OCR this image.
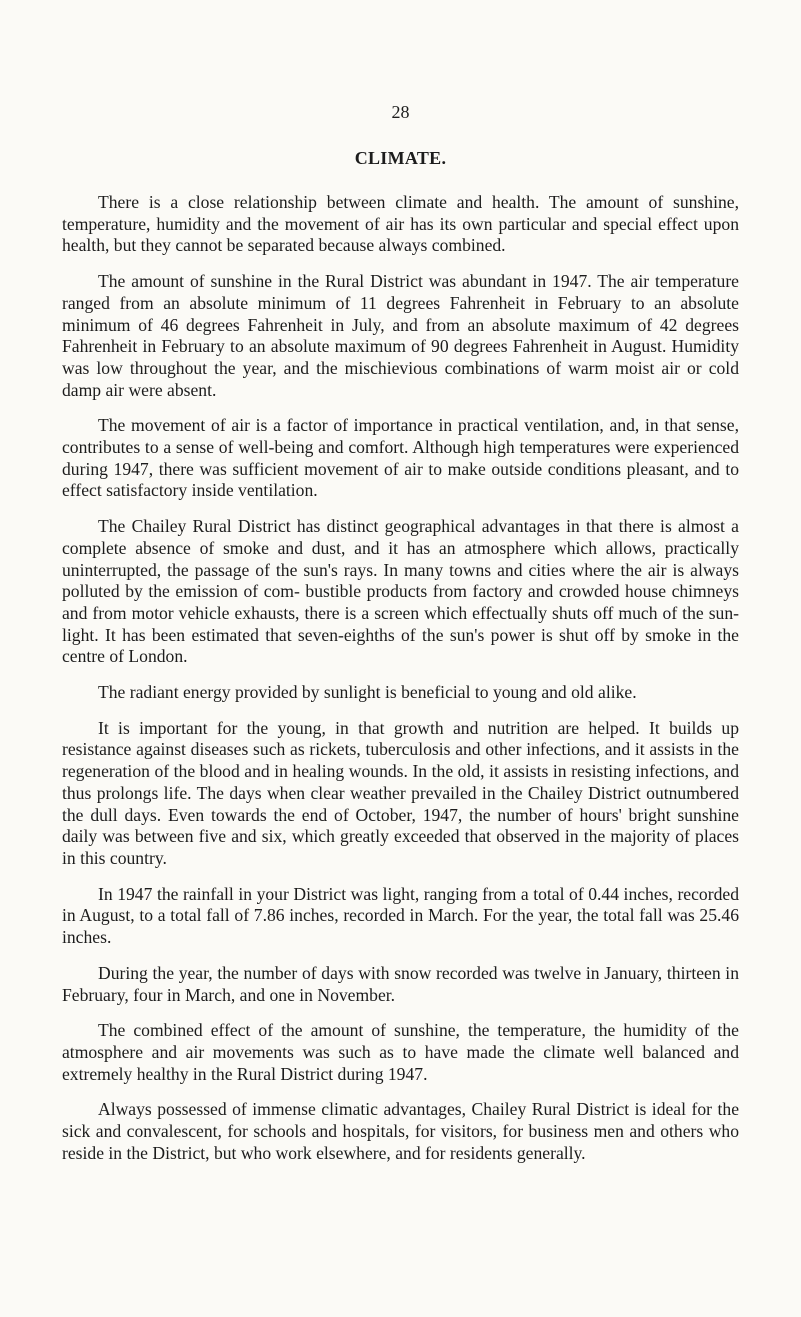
28
CLIMATE.

There is a close relationship between climate and health. The amount of sunshine, temperature, humidity and the movement of air has its own particular and special effect upon health, but they cannot be separated because always combined.

The amount of sunshine in the Rural District was abundant in 1947. The air temperature ranged from an absolute minimum of 11 degrees Fahrenheit in February to an absolute minimum of 46 degrees Fahrenheit in July, and from an absolute maximum of 42 degrees Fahrenheit in February to an absolute maximum of 90 degrees Fahrenheit in August. Humidity was low throughout the year, and the mischievious combinations of warm moist air or cold damp air were absent.

The movement of air is a factor of importance in practical ventilation, and, in that sense, contributes to a sense of well-being and comfort. Although high temperatures were experienced during 1947, there was sufficient movement of air to make outside conditions pleasant, and to effect satisfactory inside ventilation.

The Chailey Rural District has distinct geographical advantages in that there is almost a complete absence of smoke and dust, and it has an atmosphere which allows, practically uninterrupted, the passage of the sun's rays. In many towns and cities where the air is always polluted by the emission of com- bustible products from factory and crowded house chimneys and from motor vehicle exhausts, there is a screen which effectually shuts off much of the sun- light. It has been estimated that seven-eighths of the sun's power is shut off by smoke in the centre of London.

The radiant energy provided by sunlight is beneficial to young and old alike.

It is important for the young, in that growth and nutrition are helped. It builds up resistance against diseases such as rickets, tuberculosis and other infections, and it assists in the regeneration of the blood and in healing wounds. In the old, it assists in resisting infections, and thus prolongs life. The days when clear weather prevailed in the Chailey District outnumbered the dull days. Even towards the end of October, 1947, the number of hours' bright sunshine daily was between five and six, which greatly exceeded that observed in the majority of places in this country.

In 1947 the rainfall in your District was light, ranging from a total of 0.44 inches, recorded in August, to a total fall of 7.86 inches, recorded in March. For the year, the total fall was 25.46 inches.

During the year, the number of days with snow recorded was twelve in January, thirteen in February, four in March, and one in November.

The combined effect of the amount of sunshine, the temperature, the humidity of the atmosphere and air movements was such as to have made the climate well balanced and extremely healthy in the Rural District during 1947.

Always possessed of immense climatic advantages, Chailey Rural District is ideal for the sick and convalescent, for schools and hospitals, for visitors, for business men and others who reside in the District, but who work elsewhere, and for residents generally.
